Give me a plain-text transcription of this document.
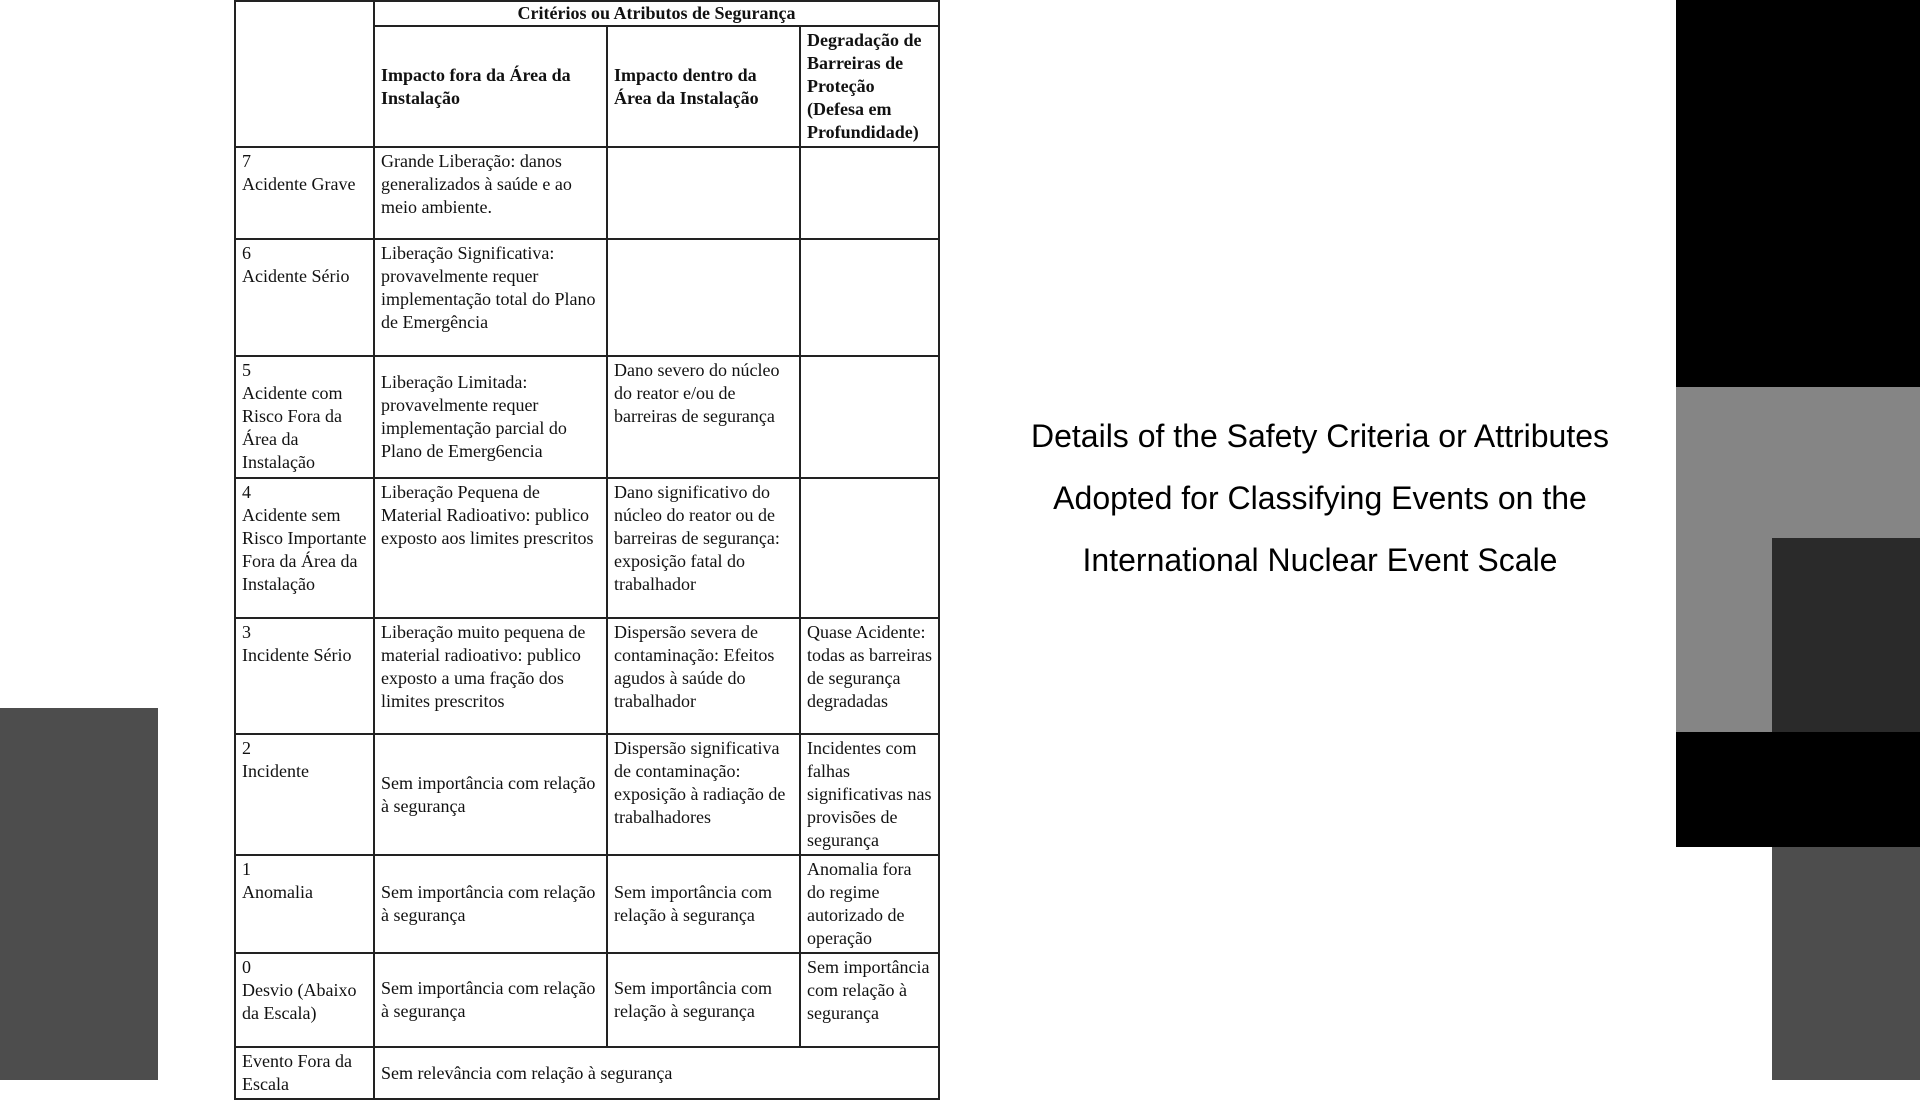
	Critérios ou Atributos de Segurança		
	Impacto fora da Área da Instalação	Impacto dentro da Área da Instalação	Degradação de Barreiras de Proteção (Defesa em Profundidade)

7
Acidente Grave	Grande Liberação: danos generalizados à saúde e ao meio ambiente.		

6
Acidente Sério	Liberação Significativa: provavelmente requer implementação total do Plano de Emergência		

5
Acidente com Risco Fora da Área da Instalação	Liberação Limitada: provavelmente requer implementação parcial do Plano de Emerg6encia	Dano severo do núcleo do reator e/ou de barreiras de segurança	

4
Acidente sem Risco Importante Fora da Área da Instalação	Liberação Pequena de Material Radioativo: publico exposto aos limites prescritos	Dano significativo do núcleo do reator ou de barreiras de segurança: exposição fatal do trabalhador	

3
Incidente Sério	Liberação muito pequena de material radioativo: publico exposto a uma fração dos limites prescritos	Dispersão severa de contaminação: Efeitos agudos à saúde do trabalhador	Quase Acidente: todas as barreiras de segurança degradadas

2
Incidente	Sem importância com relação à segurança	Dispersão significativa de contaminação: exposição à radiação de trabalhadores	Incidentes com falhas significativas nas provisões de segurança

1
Anomalia	Sem importância com relação à segurança	Sem importância com relação à segurança	Anomalia fora do regime autorizado de operação

0
Desvio (Abaixo da Escala)	Sem importância com relação à segurança	Sem importância com relação à segurança	Sem importância com relação à segurança
Evento Fora da Escala	Sem relevância com relação à segurança		
Details of the Safety Criteria or Attributes
Adopted for Classifying Events on the
International Nuclear Event Scale
